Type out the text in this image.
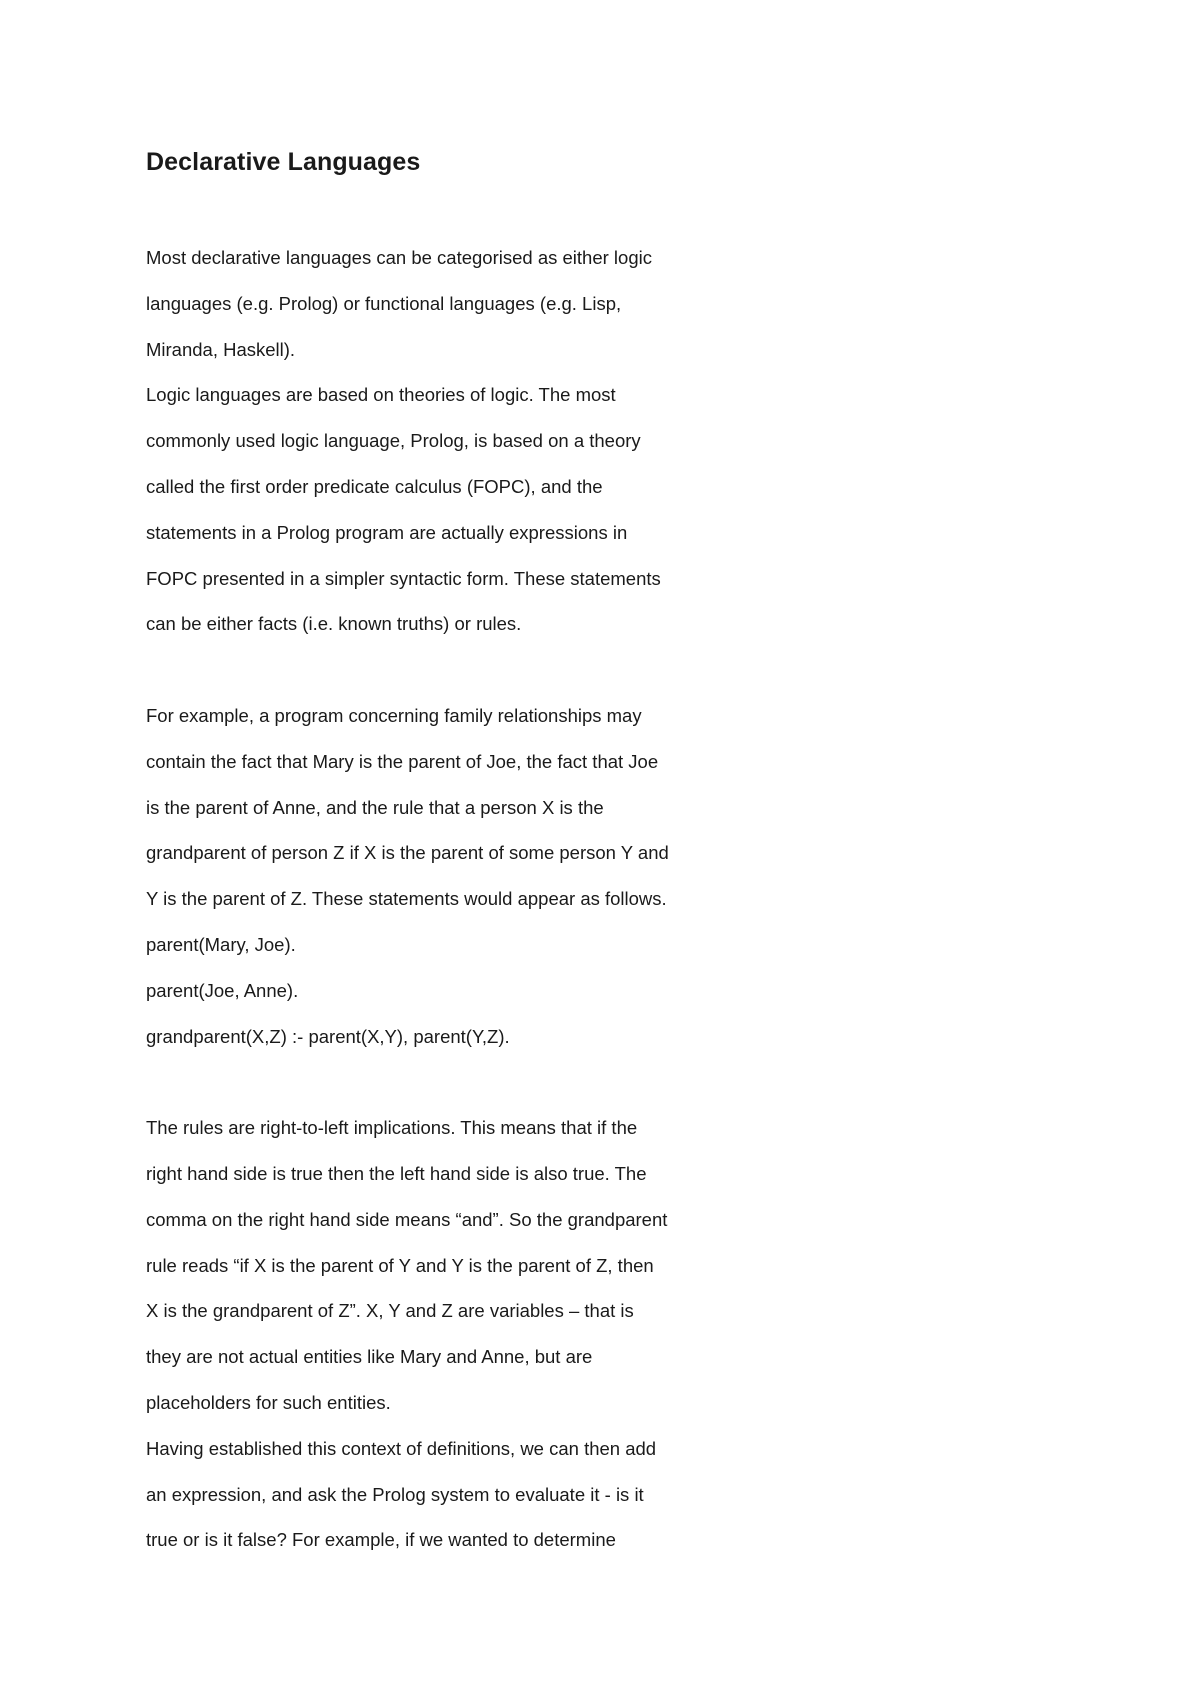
Declarative Languages

Most declarative languages can be categorised as either logic

languages (e.g. Prolog) or functional languages (e.g. Lisp,

Miranda, Haskell).

Logic languages are based on theories of logic. The most

commonly used logic language, Prolog, is based on a theory

called the first order predicate calculus (FOPC), and the

statements in a Prolog program are actually expressions in

FOPC presented in a simpler syntactic form. These statements

can be either facts (i.e. known truths) or rules.

For example, a program concerning family relationships may

contain the fact that Mary is the parent of Joe, the fact that Joe

is the parent of Anne, and the rule that a person X is the

grandparent of person Z if X is the parent of some person Y and

Y is the parent of Z. These statements would appear as follows.

parent(Mary, Joe).

parent(Joe, Anne).

grandparent(X,Z) :- parent(X,Y), parent(Y,Z).

The rules are right-to-left implications. This means that if the

right hand side is true then the left hand side is also true. The

comma on the right hand side means “and”. So the grandparent

rule reads “if X is the parent of Y and Y is the parent of Z, then

X is the grandparent of Z”. X, Y and Z are variables – that is

they are not actual entities like Mary and Anne, but are

placeholders for such entities.

Having established this context of definitions, we can then add

an expression, and ask the Prolog system to evaluate it - is it

true or is it false? For example, if we wanted to determine
